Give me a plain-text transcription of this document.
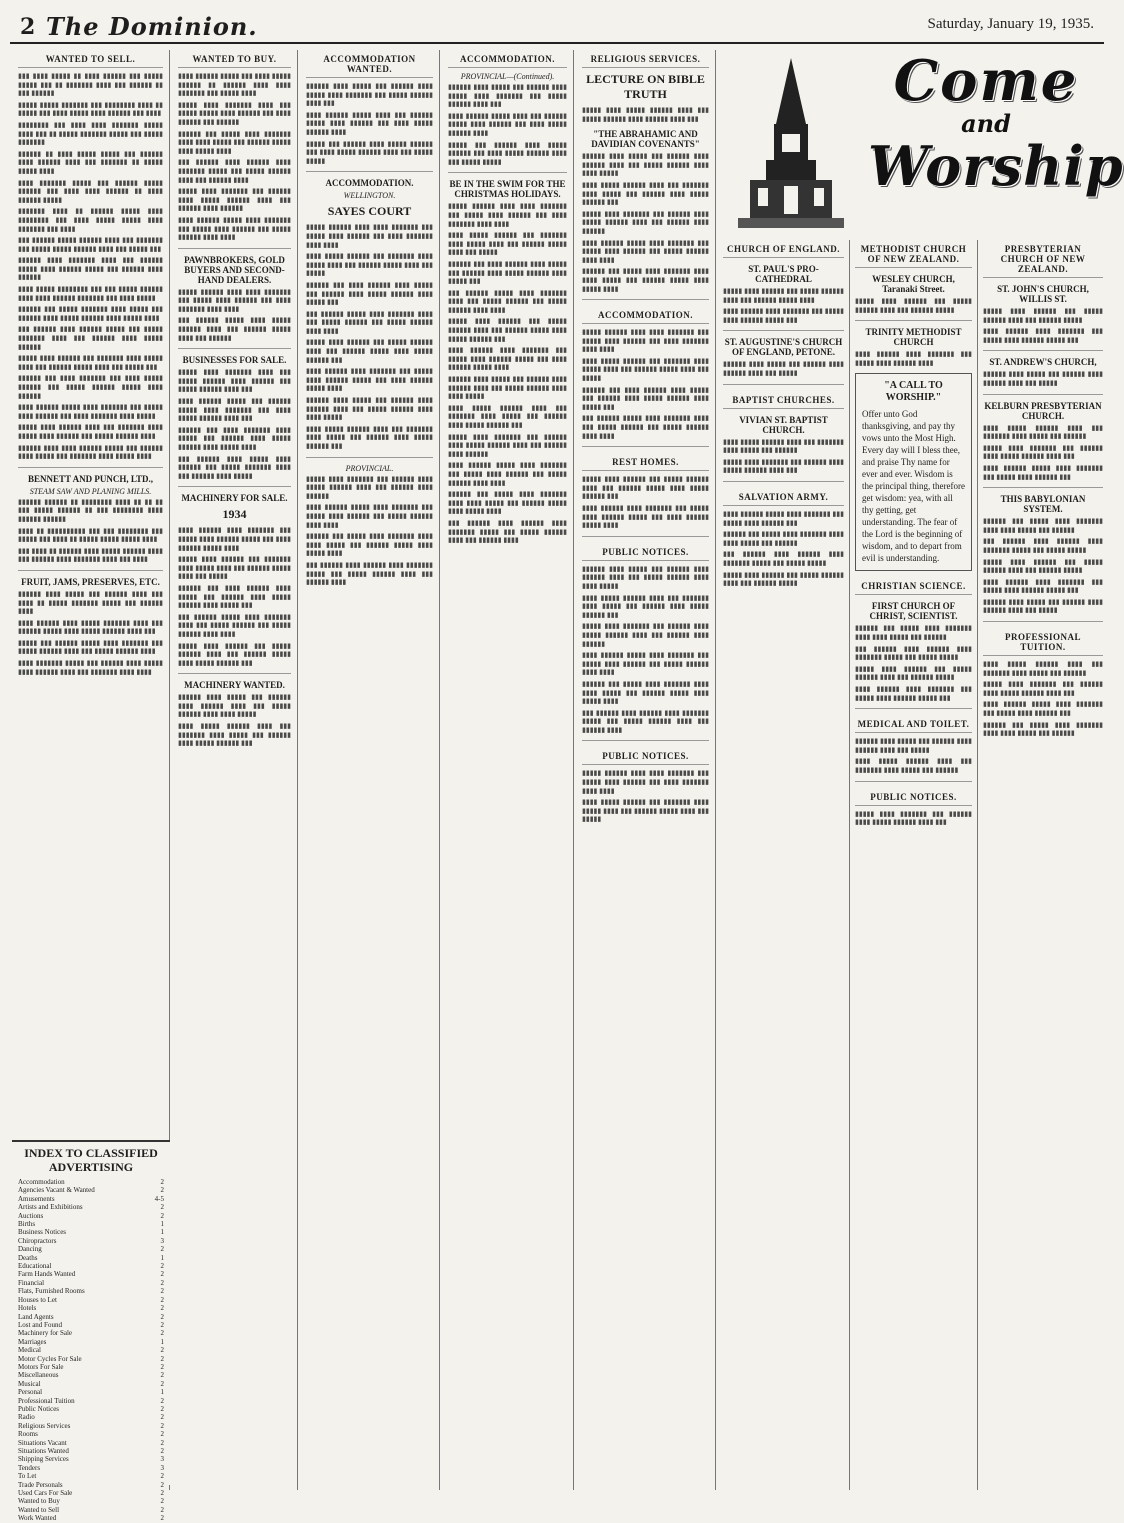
2 The Dominion.	Saturday, January 19, 1935.
WANTED TO SELL.

▮▮▮ ▮▮▮▮ ▮▮▮▮▮ ▮▮ ▮▮▮▮ ▮▮▮▮▮▮ ▮▮▮ ▮▮▮▮▮ ▮▮▮▮▮ ▮▮▮ ▮▮ ▮▮▮▮▮▮▮ ▮▮▮▮ ▮▮▮ ▮▮▮▮▮▮ ▮▮ ▮▮▮ ▮▮▮▮▮▮

▮▮▮▮▮ ▮▮▮▮▮ ▮▮▮▮▮▮▮ ▮▮▮ ▮▮▮▮▮▮▮▮ ▮▮▮▮ ▮▮ ▮▮▮▮▮ ▮▮▮ ▮▮▮▮ ▮▮▮▮▮ ▮▮▮▮ ▮▮▮▮▮▮ ▮▮▮ ▮▮▮▮

▮▮▮▮▮▮▮▮ ▮▮▮ ▮▮▮▮ ▮▮▮▮ ▮▮▮▮▮▮▮ ▮▮▮▮▮ ▮▮▮▮ ▮▮▮ ▮▮ ▮▮▮▮▮ ▮▮▮▮▮▮▮ ▮▮▮▮▮ ▮▮▮ ▮▮▮▮▮ ▮▮▮▮▮▮▮

▮▮▮▮▮▮ ▮▮ ▮▮▮▮ ▮▮▮▮▮ ▮▮▮▮▮ ▮▮▮ ▮▮▮▮▮▮ ▮▮▮▮ ▮▮▮▮▮▮ ▮▮▮▮ ▮▮▮ ▮▮▮▮▮▮▮ ▮▮ ▮▮▮▮▮ ▮▮▮▮▮ ▮▮▮▮

▮▮▮▮ ▮▮▮▮▮▮▮ ▮▮▮▮▮ ▮▮▮ ▮▮▮▮▮▮ ▮▮▮▮▮ ▮▮▮▮▮▮ ▮▮▮ ▮▮▮▮ ▮▮▮▮ ▮▮▮▮▮▮ ▮▮ ▮▮▮▮ ▮▮▮▮▮▮ ▮▮▮▮▮

▮▮▮▮▮▮▮ ▮▮▮▮ ▮▮ ▮▮▮▮▮▮ ▮▮▮▮▮ ▮▮▮▮ ▮▮▮▮▮▮▮▮ ▮▮▮ ▮▮▮▮ ▮▮▮▮▮ ▮▮▮▮▮ ▮▮▮▮ ▮▮▮▮▮▮▮ ▮▮▮ ▮▮▮▮

▮▮▮ ▮▮▮▮▮▮ ▮▮▮▮▮ ▮▮▮▮▮▮ ▮▮▮▮ ▮▮▮ ▮▮▮▮▮▮▮ ▮▮▮ ▮▮▮▮▮ ▮▮▮▮▮ ▮▮▮▮▮▮ ▮▮▮▮ ▮▮▮ ▮▮▮▮▮ ▮▮▮

▮▮▮▮▮▮ ▮▮▮▮ ▮▮▮▮▮▮▮ ▮▮▮▮ ▮▮▮ ▮▮▮▮▮▮ ▮▮▮▮▮ ▮▮▮▮ ▮▮▮▮▮▮ ▮▮▮▮▮ ▮▮▮ ▮▮▮▮▮▮ ▮▮▮▮ ▮▮▮▮▮▮

▮▮▮▮ ▮▮▮▮▮ ▮▮▮▮▮▮▮▮ ▮▮▮ ▮▮▮ ▮▮▮▮▮ ▮▮▮▮▮▮ ▮▮▮▮ ▮▮▮▮ ▮▮▮▮▮▮ ▮▮▮▮▮▮▮ ▮▮▮ ▮▮▮▮ ▮▮▮▮▮

▮▮▮▮▮▮ ▮▮▮ ▮▮▮▮▮ ▮▮▮▮▮▮▮ ▮▮▮▮ ▮▮▮▮▮ ▮▮▮ ▮▮▮▮▮▮ ▮▮▮▮ ▮▮▮▮▮ ▮▮▮▮▮▮ ▮▮▮▮ ▮▮▮▮▮ ▮▮▮▮

▮▮▮ ▮▮▮▮▮▮ ▮▮▮▮ ▮▮▮▮▮▮ ▮▮▮▮▮ ▮▮▮ ▮▮▮▮▮ ▮▮▮▮▮▮▮ ▮▮▮▮ ▮▮▮ ▮▮▮▮▮▮ ▮▮▮▮ ▮▮▮▮▮ ▮▮▮▮▮▮

▮▮▮▮▮ ▮▮▮▮ ▮▮▮▮▮▮ ▮▮▮ ▮▮▮▮▮▮▮ ▮▮▮▮ ▮▮▮▮▮ ▮▮▮▮ ▮▮▮ ▮▮▮▮▮▮ ▮▮▮▮▮ ▮▮▮▮ ▮▮▮ ▮▮▮▮▮ ▮▮▮

▮▮▮▮▮▮ ▮▮▮ ▮▮▮▮ ▮▮▮▮▮▮▮ ▮▮▮ ▮▮▮▮ ▮▮▮▮▮ ▮▮▮▮▮▮ ▮▮▮ ▮▮▮▮▮ ▮▮▮▮▮▮ ▮▮▮▮▮ ▮▮▮▮ ▮▮▮▮▮▮

▮▮▮▮ ▮▮▮▮▮▮ ▮▮▮▮▮ ▮▮▮▮ ▮▮▮▮▮▮▮ ▮▮▮ ▮▮▮▮▮ ▮▮▮▮ ▮▮▮▮▮▮ ▮▮▮ ▮▮▮▮ ▮▮▮▮▮▮▮ ▮▮▮▮ ▮▮▮▮▮

▮▮▮▮▮ ▮▮▮▮ ▮▮▮▮▮▮ ▮▮▮▮ ▮▮▮ ▮▮▮▮▮▮▮ ▮▮▮▮ ▮▮▮▮▮ ▮▮▮▮ ▮▮▮▮▮▮ ▮▮▮ ▮▮▮▮▮ ▮▮▮▮▮▮ ▮▮▮▮

▮▮▮▮▮▮ ▮▮▮▮ ▮▮▮▮ ▮▮▮▮▮▮ ▮▮▮▮▮ ▮▮▮ ▮▮▮▮▮▮ ▮▮▮▮ ▮▮▮▮▮ ▮▮▮ ▮▮▮▮▮▮▮ ▮▮▮▮ ▮▮▮▮▮ ▮▮▮▮

BENNETT AND PUNCH, LTD.,
STEAM SAW AND PLANING MILLS.

▮▮▮▮▮▮ ▮▮▮▮▮▮ ▮▮ ▮▮▮▮▮▮▮▮ ▮▮▮▮ ▮▮ ▮▮ ▮▮ ▮▮▮ ▮▮▮▮▮ ▮▮▮▮▮▮ ▮▮ ▮▮▮ ▮▮▮▮▮▮▮▮ ▮▮▮▮ ▮▮▮▮▮▮ ▮▮▮▮▮▮

▮▮▮▮ ▮▮ ▮▮▮▮▮▮▮▮▮▮ ▮▮▮ ▮▮▮ ▮▮▮▮▮▮▮▮ ▮▮▮ ▮▮▮▮▮ ▮▮▮ ▮▮▮▮ ▮▮ ▮▮▮▮▮ ▮▮▮▮▮ ▮▮▮▮▮ ▮▮▮▮

▮▮▮ ▮▮▮▮ ▮▮ ▮▮▮▮▮▮ ▮▮▮▮ ▮▮▮▮▮ ▮▮▮▮▮▮ ▮▮▮▮ ▮▮▮ ▮▮▮▮▮▮ ▮▮▮▮ ▮▮▮▮▮▮▮ ▮▮▮▮ ▮▮▮ ▮▮▮▮

FRUIT, JAMS, PRESERVES, ETC.

▮▮▮▮▮▮ ▮▮▮▮ ▮▮▮▮▮ ▮▮▮ ▮▮▮▮▮▮ ▮▮▮▮ ▮▮▮ ▮▮▮▮ ▮▮ ▮▮▮▮▮ ▮▮▮▮▮▮▮ ▮▮▮▮▮ ▮▮▮ ▮▮▮▮▮▮ ▮▮▮▮

▮▮▮▮ ▮▮▮▮▮▮ ▮▮▮▮ ▮▮▮▮▮ ▮▮▮▮▮▮▮ ▮▮▮▮ ▮▮▮ ▮▮▮▮▮▮ ▮▮▮▮▮ ▮▮▮▮ ▮▮▮▮▮ ▮▮▮▮▮▮ ▮▮▮▮ ▮▮▮

▮▮▮▮▮ ▮▮▮ ▮▮▮▮▮▮ ▮▮▮▮▮ ▮▮▮▮ ▮▮▮▮▮▮▮ ▮▮▮ ▮▮▮▮▮ ▮▮▮▮▮▮ ▮▮▮▮ ▮▮▮ ▮▮▮▮▮ ▮▮▮▮▮▮ ▮▮▮▮

▮▮▮▮ ▮▮▮▮▮▮▮ ▮▮▮▮▮ ▮▮▮ ▮▮▮▮▮▮ ▮▮▮▮ ▮▮▮▮▮ ▮▮▮▮ ▮▮▮▮▮▮ ▮▮▮▮ ▮▮▮ ▮▮▮▮▮▮▮ ▮▮▮▮ ▮▮▮▮

INDEX TO CLASSIFIED ADVERTISING
Accommodation	2
Agencies Vacant & Wanted	2
Amusements	4-5
Artists and Exhibitions	2
Auctions	2
Births	1
Business Notices	1
Chiropractors	3
Dancing	2
Deaths	1
Educational	2
Farm Hands Wanted	2
Financial	2
Flats, Furnished Rooms	2
Houses to Let	2
Hotels	2
Land Agents	2
Lost and Found	2
Machinery for Sale	2
Marriages	1
Medical	2
Motor Cycles For Sale	2
Motors For Sale	2
Miscellaneous	2
Musical	2
Personal	1
Professional Tuition	2
Public Notices	2
Radio	2
Religious Services	2
Rooms	2
Situations Vacant	2
Situations Wanted	2
Shipping Services	3
Tenders	3
To Let	2
Trade Personals	2
Used Cars For Sale	2
Wanted to Buy	2
Wanted to Sell	2
Work Wanted	2
WANTED TO BUY.

▮▮▮▮ ▮▮▮▮▮▮ ▮▮▮▮▮ ▮▮▮ ▮▮▮▮ ▮▮▮▮▮ ▮▮▮▮▮▮ ▮▮ ▮▮▮▮▮▮ ▮▮▮▮ ▮▮▮▮ ▮▮▮▮▮▮▮ ▮▮▮ ▮▮▮▮▮ ▮▮▮▮

▮▮▮▮▮ ▮▮▮▮ ▮▮▮▮▮▮▮ ▮▮▮▮ ▮▮▮ ▮▮▮▮▮ ▮▮▮▮▮ ▮▮▮▮ ▮▮▮▮▮▮ ▮▮▮ ▮▮▮▮ ▮▮▮▮▮▮ ▮▮▮ ▮▮▮▮▮▮

▮▮▮▮▮▮ ▮▮▮ ▮▮▮▮▮ ▮▮▮▮ ▮▮▮▮▮▮▮ ▮▮▮▮ ▮▮▮▮ ▮▮▮▮▮ ▮▮▮ ▮▮▮▮▮▮ ▮▮▮▮▮ ▮▮▮▮ ▮▮▮▮▮ ▮▮▮▮

▮▮▮ ▮▮▮▮▮▮ ▮▮▮▮ ▮▮▮▮▮▮ ▮▮▮▮ ▮▮▮▮▮▮▮ ▮▮▮▮▮ ▮▮▮ ▮▮▮▮▮ ▮▮▮▮▮▮ ▮▮▮▮ ▮▮▮ ▮▮▮▮▮▮ ▮▮▮▮

▮▮▮▮▮ ▮▮▮▮ ▮▮▮▮▮▮▮ ▮▮▮ ▮▮▮▮▮▮ ▮▮▮▮ ▮▮▮▮▮ ▮▮▮▮▮▮ ▮▮▮▮ ▮▮▮ ▮▮▮▮▮▮ ▮▮▮▮ ▮▮▮▮▮▮

▮▮▮▮ ▮▮▮▮▮▮ ▮▮▮▮▮ ▮▮▮▮ ▮▮▮▮▮▮▮ ▮▮▮ ▮▮▮▮▮ ▮▮▮▮ ▮▮▮▮▮▮ ▮▮▮ ▮▮▮▮▮ ▮▮▮▮▮▮ ▮▮▮▮ ▮▮▮▮

PAWNBROKERS, GOLD BUYERS AND SECOND-HAND DEALERS.

▮▮▮▮▮ ▮▮▮▮▮▮ ▮▮▮▮ ▮▮▮▮ ▮▮▮▮▮▮▮ ▮▮▮ ▮▮▮▮▮ ▮▮▮▮ ▮▮▮▮▮▮ ▮▮▮ ▮▮▮▮ ▮▮▮▮▮▮▮ ▮▮▮▮ ▮▮▮▮

▮▮▮ ▮▮▮▮▮▮ ▮▮▮▮▮ ▮▮▮▮ ▮▮▮▮▮ ▮▮▮▮▮▮ ▮▮▮▮ ▮▮▮ ▮▮▮▮▮▮ ▮▮▮▮▮ ▮▮▮▮ ▮▮▮ ▮▮▮▮▮▮

BUSINESSES FOR SALE.

▮▮▮▮▮ ▮▮▮▮ ▮▮▮▮▮▮▮ ▮▮▮▮ ▮▮▮ ▮▮▮▮▮ ▮▮▮▮▮▮ ▮▮▮▮ ▮▮▮▮▮▮ ▮▮▮ ▮▮▮▮▮ ▮▮▮▮▮▮ ▮▮▮▮ ▮▮▮

▮▮▮▮ ▮▮▮▮▮▮ ▮▮▮▮▮ ▮▮▮ ▮▮▮▮▮▮ ▮▮▮▮▮ ▮▮▮▮ ▮▮▮▮▮▮▮ ▮▮▮ ▮▮▮▮ ▮▮▮▮▮ ▮▮▮▮▮▮ ▮▮▮▮ ▮▮▮

▮▮▮▮▮▮ ▮▮▮ ▮▮▮▮ ▮▮▮▮▮▮▮ ▮▮▮▮ ▮▮▮▮▮ ▮▮▮ ▮▮▮▮▮▮ ▮▮▮▮ ▮▮▮▮▮ ▮▮▮▮▮▮ ▮▮▮▮ ▮▮▮▮▮ ▮▮▮▮

▮▮▮ ▮▮▮▮▮▮ ▮▮▮▮ ▮▮▮▮▮ ▮▮▮▮ ▮▮▮▮▮▮ ▮▮▮ ▮▮▮▮▮ ▮▮▮▮▮▮▮ ▮▮▮▮ ▮▮▮ ▮▮▮▮▮▮ ▮▮▮▮ ▮▮▮▮▮

MACHINERY FOR SALE.
1934

▮▮▮▮ ▮▮▮▮▮▮ ▮▮▮▮ ▮▮▮▮▮▮▮ ▮▮▮ ▮▮▮▮▮ ▮▮▮▮ ▮▮▮▮▮▮ ▮▮▮▮▮ ▮▮▮ ▮▮▮▮ ▮▮▮▮▮▮ ▮▮▮▮▮ ▮▮▮▮

▮▮▮▮▮ ▮▮▮▮ ▮▮▮▮▮▮ ▮▮▮ ▮▮▮▮▮▮▮ ▮▮▮▮ ▮▮▮▮▮ ▮▮▮▮ ▮▮▮ ▮▮▮▮▮▮ ▮▮▮▮▮ ▮▮▮▮ ▮▮▮ ▮▮▮▮▮

▮▮▮▮▮▮ ▮▮▮ ▮▮▮▮ ▮▮▮▮▮▮ ▮▮▮▮ ▮▮▮▮▮ ▮▮▮ ▮▮▮▮▮▮ ▮▮▮▮ ▮▮▮▮▮ ▮▮▮▮▮▮ ▮▮▮▮ ▮▮▮▮▮ ▮▮▮

▮▮▮ ▮▮▮▮▮▮ ▮▮▮▮▮ ▮▮▮▮ ▮▮▮▮▮▮▮ ▮▮▮▮ ▮▮▮ ▮▮▮▮▮ ▮▮▮▮▮▮ ▮▮▮ ▮▮▮▮▮ ▮▮▮▮▮▮ ▮▮▮▮ ▮▮▮▮

▮▮▮▮▮ ▮▮▮▮ ▮▮▮▮▮▮ ▮▮▮ ▮▮▮▮▮ ▮▮▮▮▮▮ ▮▮▮▮ ▮▮▮ ▮▮▮▮▮▮ ▮▮▮▮▮ ▮▮▮▮ ▮▮▮▮▮ ▮▮▮▮▮▮ ▮▮▮

MACHINERY WANTED.

▮▮▮▮▮▮ ▮▮▮▮ ▮▮▮▮▮ ▮▮▮ ▮▮▮▮▮▮ ▮▮▮▮ ▮▮▮▮▮▮ ▮▮▮▮ ▮▮▮ ▮▮▮▮▮ ▮▮▮▮▮▮ ▮▮▮▮ ▮▮▮▮ ▮▮▮▮▮

▮▮▮▮ ▮▮▮▮▮ ▮▮▮▮▮▮ ▮▮▮▮ ▮▮▮ ▮▮▮▮▮▮▮ ▮▮▮▮ ▮▮▮▮▮ ▮▮▮ ▮▮▮▮▮▮ ▮▮▮▮ ▮▮▮▮▮ ▮▮▮▮▮▮ ▮▮▮

ACCOMMODATION WANTED.

▮▮▮▮▮▮ ▮▮▮▮ ▮▮▮▮▮ ▮▮▮ ▮▮▮▮▮▮ ▮▮▮▮ ▮▮▮▮▮ ▮▮▮▮ ▮▮▮▮▮▮▮ ▮▮▮ ▮▮▮▮▮ ▮▮▮▮▮▮ ▮▮▮▮ ▮▮▮

▮▮▮▮ ▮▮▮▮▮▮ ▮▮▮▮▮ ▮▮▮▮ ▮▮▮ ▮▮▮▮▮▮ ▮▮▮▮▮ ▮▮▮▮ ▮▮▮▮▮▮ ▮▮▮ ▮▮▮▮ ▮▮▮▮▮ ▮▮▮▮▮▮ ▮▮▮▮

▮▮▮▮▮ ▮▮▮ ▮▮▮▮▮▮ ▮▮▮▮ ▮▮▮▮▮ ▮▮▮▮▮▮ ▮▮▮ ▮▮▮▮ ▮▮▮▮▮ ▮▮▮▮▮▮ ▮▮▮▮ ▮▮▮ ▮▮▮▮▮ ▮▮▮▮▮

ACCOMMODATION.
WELLINGTON.
SAYES COURT

▮▮▮▮▮ ▮▮▮▮▮▮ ▮▮▮▮ ▮▮▮▮ ▮▮▮▮▮▮▮ ▮▮▮ ▮▮▮▮▮ ▮▮▮▮ ▮▮▮▮▮▮ ▮▮▮ ▮▮▮▮ ▮▮▮▮▮▮▮ ▮▮▮▮ ▮▮▮▮

▮▮▮▮ ▮▮▮▮▮ ▮▮▮▮▮▮ ▮▮▮ ▮▮▮▮▮▮▮ ▮▮▮▮ ▮▮▮▮▮ ▮▮▮▮ ▮▮▮ ▮▮▮▮▮▮ ▮▮▮▮▮ ▮▮▮▮ ▮▮▮ ▮▮▮▮▮

▮▮▮▮▮▮ ▮▮▮ ▮▮▮▮ ▮▮▮▮▮▮ ▮▮▮▮ ▮▮▮▮▮ ▮▮▮ ▮▮▮▮▮▮ ▮▮▮▮ ▮▮▮▮▮ ▮▮▮▮▮▮ ▮▮▮▮ ▮▮▮▮▮ ▮▮▮

▮▮▮ ▮▮▮▮▮▮ ▮▮▮▮▮ ▮▮▮▮ ▮▮▮▮▮▮▮ ▮▮▮▮ ▮▮▮ ▮▮▮▮▮ ▮▮▮▮▮▮ ▮▮▮ ▮▮▮▮▮ ▮▮▮▮▮▮ ▮▮▮▮ ▮▮▮▮

▮▮▮▮▮ ▮▮▮▮ ▮▮▮▮▮▮ ▮▮▮ ▮▮▮▮▮ ▮▮▮▮▮▮ ▮▮▮▮ ▮▮▮ ▮▮▮▮▮▮ ▮▮▮▮▮ ▮▮▮▮ ▮▮▮▮▮ ▮▮▮▮▮▮ ▮▮▮

▮▮▮▮ ▮▮▮▮▮▮ ▮▮▮▮ ▮▮▮▮▮▮▮ ▮▮▮ ▮▮▮▮▮ ▮▮▮▮ ▮▮▮▮▮▮ ▮▮▮▮▮ ▮▮▮ ▮▮▮▮ ▮▮▮▮▮▮ ▮▮▮▮▮ ▮▮▮▮

▮▮▮▮▮▮ ▮▮▮▮ ▮▮▮▮▮ ▮▮▮ ▮▮▮▮▮▮ ▮▮▮▮ ▮▮▮▮▮▮ ▮▮▮▮ ▮▮▮ ▮▮▮▮▮ ▮▮▮▮▮▮ ▮▮▮▮ ▮▮▮▮ ▮▮▮▮▮

▮▮▮▮ ▮▮▮▮▮ ▮▮▮▮▮▮ ▮▮▮▮ ▮▮▮ ▮▮▮▮▮▮▮ ▮▮▮▮ ▮▮▮▮▮ ▮▮▮ ▮▮▮▮▮▮ ▮▮▮▮ ▮▮▮▮▮ ▮▮▮▮▮▮ ▮▮▮

PROVINCIAL.

▮▮▮▮▮ ▮▮▮▮ ▮▮▮▮▮▮▮ ▮▮▮ ▮▮▮▮▮▮ ▮▮▮▮ ▮▮▮▮▮ ▮▮▮▮▮▮ ▮▮▮▮ ▮▮▮ ▮▮▮▮▮▮ ▮▮▮▮ ▮▮▮▮▮▮

▮▮▮▮ ▮▮▮▮▮▮ ▮▮▮▮▮ ▮▮▮▮ ▮▮▮▮▮▮▮ ▮▮▮ ▮▮▮▮▮ ▮▮▮▮ ▮▮▮▮▮▮ ▮▮▮ ▮▮▮▮▮ ▮▮▮▮▮▮ ▮▮▮▮ ▮▮▮▮

▮▮▮▮▮▮ ▮▮▮ ▮▮▮▮▮ ▮▮▮▮ ▮▮▮▮▮▮▮ ▮▮▮▮ ▮▮▮▮ ▮▮▮▮▮ ▮▮▮ ▮▮▮▮▮▮ ▮▮▮▮▮ ▮▮▮▮ ▮▮▮▮▮ ▮▮▮▮

▮▮▮ ▮▮▮▮▮▮ ▮▮▮▮ ▮▮▮▮▮▮ ▮▮▮▮ ▮▮▮▮▮▮▮ ▮▮▮▮▮ ▮▮▮ ▮▮▮▮▮ ▮▮▮▮▮▮ ▮▮▮▮ ▮▮▮ ▮▮▮▮▮▮ ▮▮▮▮

ACCOMMODATION.
PROVINCIAL—(Continued).

▮▮▮▮▮▮ ▮▮▮▮ ▮▮▮▮▮ ▮▮▮ ▮▮▮▮▮▮ ▮▮▮▮ ▮▮▮▮▮ ▮▮▮▮ ▮▮▮▮▮▮▮ ▮▮▮ ▮▮▮▮▮ ▮▮▮▮▮▮ ▮▮▮▮ ▮▮▮

▮▮▮▮ ▮▮▮▮▮▮ ▮▮▮▮▮ ▮▮▮▮ ▮▮▮ ▮▮▮▮▮▮ ▮▮▮▮▮ ▮▮▮▮ ▮▮▮▮▮▮ ▮▮▮ ▮▮▮▮ ▮▮▮▮▮ ▮▮▮▮▮▮ ▮▮▮▮

▮▮▮▮▮ ▮▮▮ ▮▮▮▮▮▮ ▮▮▮▮ ▮▮▮▮▮ ▮▮▮▮▮▮ ▮▮▮ ▮▮▮▮ ▮▮▮▮▮ ▮▮▮▮▮▮ ▮▮▮▮ ▮▮▮ ▮▮▮▮▮ ▮▮▮▮▮

BE IN THE SWIM FOR THE CHRISTMAS HOLIDAYS.

▮▮▮▮▮ ▮▮▮▮▮▮ ▮▮▮▮ ▮▮▮▮ ▮▮▮▮▮▮▮ ▮▮▮ ▮▮▮▮▮ ▮▮▮▮ ▮▮▮▮▮▮ ▮▮▮ ▮▮▮▮ ▮▮▮▮▮▮▮ ▮▮▮▮ ▮▮▮▮

▮▮▮▮ ▮▮▮▮▮ ▮▮▮▮▮▮ ▮▮▮ ▮▮▮▮▮▮▮ ▮▮▮▮ ▮▮▮▮▮ ▮▮▮▮ ▮▮▮ ▮▮▮▮▮▮ ▮▮▮▮▮ ▮▮▮▮ ▮▮▮ ▮▮▮▮▮

▮▮▮▮▮▮ ▮▮▮ ▮▮▮▮ ▮▮▮▮▮▮ ▮▮▮▮ ▮▮▮▮▮ ▮▮▮ ▮▮▮▮▮▮ ▮▮▮▮ ▮▮▮▮▮ ▮▮▮▮▮▮ ▮▮▮▮ ▮▮▮▮▮ ▮▮▮

▮▮▮ ▮▮▮▮▮▮ ▮▮▮▮▮ ▮▮▮▮ ▮▮▮▮▮▮▮ ▮▮▮▮ ▮▮▮ ▮▮▮▮▮ ▮▮▮▮▮▮ ▮▮▮ ▮▮▮▮▮ ▮▮▮▮▮▮ ▮▮▮▮ ▮▮▮▮

▮▮▮▮▮ ▮▮▮▮ ▮▮▮▮▮▮ ▮▮▮ ▮▮▮▮▮ ▮▮▮▮▮▮ ▮▮▮▮ ▮▮▮ ▮▮▮▮▮▮ ▮▮▮▮▮ ▮▮▮▮ ▮▮▮▮▮ ▮▮▮▮▮▮ ▮▮▮

▮▮▮▮ ▮▮▮▮▮▮ ▮▮▮▮ ▮▮▮▮▮▮▮ ▮▮▮ ▮▮▮▮▮ ▮▮▮▮ ▮▮▮▮▮▮ ▮▮▮▮▮ ▮▮▮ ▮▮▮▮ ▮▮▮▮▮▮ ▮▮▮▮▮ ▮▮▮▮

▮▮▮▮▮▮ ▮▮▮▮ ▮▮▮▮▮ ▮▮▮ ▮▮▮▮▮▮ ▮▮▮▮ ▮▮▮▮▮▮ ▮▮▮▮ ▮▮▮ ▮▮▮▮▮ ▮▮▮▮▮▮ ▮▮▮▮ ▮▮▮▮ ▮▮▮▮▮

▮▮▮▮ ▮▮▮▮▮ ▮▮▮▮▮▮ ▮▮▮▮ ▮▮▮ ▮▮▮▮▮▮▮ ▮▮▮▮ ▮▮▮▮▮ ▮▮▮ ▮▮▮▮▮▮ ▮▮▮▮ ▮▮▮▮▮ ▮▮▮▮▮▮ ▮▮▮

▮▮▮▮▮ ▮▮▮▮ ▮▮▮▮▮▮▮ ▮▮▮ ▮▮▮▮▮▮ ▮▮▮▮ ▮▮▮▮▮ ▮▮▮▮▮▮ ▮▮▮▮ ▮▮▮ ▮▮▮▮▮▮ ▮▮▮▮ ▮▮▮▮▮▮

▮▮▮▮ ▮▮▮▮▮▮ ▮▮▮▮▮ ▮▮▮▮ ▮▮▮▮▮▮▮ ▮▮▮ ▮▮▮▮▮ ▮▮▮▮ ▮▮▮▮▮▮ ▮▮▮ ▮▮▮▮▮ ▮▮▮▮▮▮ ▮▮▮▮ ▮▮▮▮

▮▮▮▮▮▮ ▮▮▮ ▮▮▮▮▮ ▮▮▮▮ ▮▮▮▮▮▮▮ ▮▮▮▮ ▮▮▮▮ ▮▮▮▮▮ ▮▮▮ ▮▮▮▮▮▮ ▮▮▮▮▮ ▮▮▮▮ ▮▮▮▮▮ ▮▮▮▮

▮▮▮ ▮▮▮▮▮▮ ▮▮▮▮ ▮▮▮▮▮▮ ▮▮▮▮ ▮▮▮▮▮▮▮ ▮▮▮▮▮ ▮▮▮ ▮▮▮▮▮ ▮▮▮▮▮▮ ▮▮▮▮ ▮▮▮ ▮▮▮▮▮▮ ▮▮▮▮

RELIGIOUS SERVICES.
LECTURE ON BIBLE TRUTH

▮▮▮▮▮ ▮▮▮▮ ▮▮▮▮▮ ▮▮▮▮▮▮ ▮▮▮▮ ▮▮▮ ▮▮▮▮▮ ▮▮▮▮▮▮ ▮▮▮▮ ▮▮▮▮▮▮ ▮▮▮▮ ▮▮▮

"THE ABRAHAMIC AND DAVIDIAN COVENANTS"

▮▮▮▮▮▮ ▮▮▮▮ ▮▮▮▮▮ ▮▮▮ ▮▮▮▮▮▮ ▮▮▮▮ ▮▮▮▮▮▮ ▮▮▮▮ ▮▮▮ ▮▮▮▮▮ ▮▮▮▮▮▮ ▮▮▮▮ ▮▮▮▮ ▮▮▮▮▮

▮▮▮▮ ▮▮▮▮▮ ▮▮▮▮▮▮ ▮▮▮▮ ▮▮▮ ▮▮▮▮▮▮▮ ▮▮▮▮ ▮▮▮▮▮ ▮▮▮ ▮▮▮▮▮▮ ▮▮▮▮ ▮▮▮▮▮ ▮▮▮▮▮▮ ▮▮▮

▮▮▮▮▮ ▮▮▮▮ ▮▮▮▮▮▮▮ ▮▮▮ ▮▮▮▮▮▮ ▮▮▮▮ ▮▮▮▮▮ ▮▮▮▮▮▮ ▮▮▮▮ ▮▮▮ ▮▮▮▮▮▮ ▮▮▮▮ ▮▮▮▮▮▮

▮▮▮▮ ▮▮▮▮▮▮ ▮▮▮▮▮ ▮▮▮▮ ▮▮▮▮▮▮▮ ▮▮▮ ▮▮▮▮▮ ▮▮▮▮ ▮▮▮▮▮▮ ▮▮▮ ▮▮▮▮▮ ▮▮▮▮▮▮ ▮▮▮▮ ▮▮▮▮

▮▮▮▮▮▮ ▮▮▮ ▮▮▮▮▮ ▮▮▮▮ ▮▮▮▮▮▮▮ ▮▮▮▮ ▮▮▮▮ ▮▮▮▮▮ ▮▮▮ ▮▮▮▮▮▮ ▮▮▮▮▮ ▮▮▮▮ ▮▮▮▮▮ ▮▮▮▮

ACCOMMODATION.

▮▮▮▮▮ ▮▮▮▮▮▮ ▮▮▮▮ ▮▮▮▮ ▮▮▮▮▮▮▮ ▮▮▮ ▮▮▮▮▮ ▮▮▮▮ ▮▮▮▮▮▮ ▮▮▮ ▮▮▮▮ ▮▮▮▮▮▮▮ ▮▮▮▮ ▮▮▮▮

▮▮▮▮ ▮▮▮▮▮ ▮▮▮▮▮▮ ▮▮▮ ▮▮▮▮▮▮▮ ▮▮▮▮ ▮▮▮▮▮ ▮▮▮▮ ▮▮▮ ▮▮▮▮▮▮ ▮▮▮▮▮ ▮▮▮▮ ▮▮▮ ▮▮▮▮▮

▮▮▮▮▮▮ ▮▮▮ ▮▮▮▮ ▮▮▮▮▮▮ ▮▮▮▮ ▮▮▮▮▮ ▮▮▮ ▮▮▮▮▮▮ ▮▮▮▮ ▮▮▮▮▮ ▮▮▮▮▮▮ ▮▮▮▮ ▮▮▮▮▮ ▮▮▮

▮▮▮ ▮▮▮▮▮▮ ▮▮▮▮▮ ▮▮▮▮ ▮▮▮▮▮▮▮ ▮▮▮▮ ▮▮▮ ▮▮▮▮▮ ▮▮▮▮▮▮ ▮▮▮ ▮▮▮▮▮ ▮▮▮▮▮▮ ▮▮▮▮ ▮▮▮▮

REST HOMES.

▮▮▮▮▮ ▮▮▮▮ ▮▮▮▮▮▮ ▮▮▮ ▮▮▮▮▮ ▮▮▮▮▮▮ ▮▮▮▮ ▮▮▮ ▮▮▮▮▮▮ ▮▮▮▮▮ ▮▮▮▮ ▮▮▮▮▮ ▮▮▮▮▮▮ ▮▮▮

▮▮▮▮ ▮▮▮▮▮▮ ▮▮▮▮ ▮▮▮▮▮▮▮ ▮▮▮ ▮▮▮▮▮ ▮▮▮▮ ▮▮▮▮▮▮ ▮▮▮▮▮ ▮▮▮ ▮▮▮▮ ▮▮▮▮▮▮ ▮▮▮▮▮ ▮▮▮▮

PUBLIC NOTICES.

▮▮▮▮▮▮ ▮▮▮▮ ▮▮▮▮▮ ▮▮▮ ▮▮▮▮▮▮ ▮▮▮▮ ▮▮▮▮▮▮ ▮▮▮▮ ▮▮▮ ▮▮▮▮▮ ▮▮▮▮▮▮ ▮▮▮▮ ▮▮▮▮ ▮▮▮▮▮

▮▮▮▮ ▮▮▮▮▮ ▮▮▮▮▮▮ ▮▮▮▮ ▮▮▮ ▮▮▮▮▮▮▮ ▮▮▮▮ ▮▮▮▮▮ ▮▮▮ ▮▮▮▮▮▮ ▮▮▮▮ ▮▮▮▮▮ ▮▮▮▮▮▮ ▮▮▮

▮▮▮▮▮ ▮▮▮▮ ▮▮▮▮▮▮▮ ▮▮▮ ▮▮▮▮▮▮ ▮▮▮▮ ▮▮▮▮▮ ▮▮▮▮▮▮ ▮▮▮▮ ▮▮▮ ▮▮▮▮▮▮ ▮▮▮▮ ▮▮▮▮▮▮

▮▮▮▮ ▮▮▮▮▮▮ ▮▮▮▮▮ ▮▮▮▮ ▮▮▮▮▮▮▮ ▮▮▮ ▮▮▮▮▮ ▮▮▮▮ ▮▮▮▮▮▮ ▮▮▮ ▮▮▮▮▮ ▮▮▮▮▮▮ ▮▮▮▮ ▮▮▮▮

▮▮▮▮▮▮ ▮▮▮ ▮▮▮▮▮ ▮▮▮▮ ▮▮▮▮▮▮▮ ▮▮▮▮ ▮▮▮▮ ▮▮▮▮▮ ▮▮▮ ▮▮▮▮▮▮ ▮▮▮▮▮ ▮▮▮▮ ▮▮▮▮▮ ▮▮▮▮

▮▮▮ ▮▮▮▮▮▮ ▮▮▮▮ ▮▮▮▮▮▮ ▮▮▮▮ ▮▮▮▮▮▮▮ ▮▮▮▮▮ ▮▮▮ ▮▮▮▮▮ ▮▮▮▮▮▮ ▮▮▮▮ ▮▮▮ ▮▮▮▮▮▮ ▮▮▮▮

PUBLIC NOTICES.

▮▮▮▮▮ ▮▮▮▮▮▮ ▮▮▮▮ ▮▮▮▮ ▮▮▮▮▮▮▮ ▮▮▮ ▮▮▮▮▮ ▮▮▮▮ ▮▮▮▮▮▮ ▮▮▮ ▮▮▮▮ ▮▮▮▮▮▮▮ ▮▮▮▮ ▮▮▮▮

▮▮▮▮ ▮▮▮▮▮ ▮▮▮▮▮▮ ▮▮▮ ▮▮▮▮▮▮▮ ▮▮▮▮ ▮▮▮▮▮ ▮▮▮▮ ▮▮▮ ▮▮▮▮▮▮ ▮▮▮▮▮ ▮▮▮▮ ▮▮▮ ▮▮▮▮▮

Come
and
Worship
CHURCH OF ENGLAND.
ST. PAUL'S PRO-CATHEDRAL

▮▮▮▮▮ ▮▮▮▮ ▮▮▮▮▮▮ ▮▮▮ ▮▮▮▮▮ ▮▮▮▮▮▮ ▮▮▮▮ ▮▮▮ ▮▮▮▮▮▮ ▮▮▮▮▮ ▮▮▮▮

▮▮▮▮ ▮▮▮▮▮▮ ▮▮▮▮ ▮▮▮▮▮▮▮ ▮▮▮ ▮▮▮▮▮ ▮▮▮▮ ▮▮▮▮▮▮ ▮▮▮▮▮ ▮▮▮

ST. AUGUSTINE'S CHURCH OF ENGLAND, PETONE.

▮▮▮▮▮▮ ▮▮▮▮ ▮▮▮▮▮ ▮▮▮ ▮▮▮▮▮▮ ▮▮▮▮ ▮▮▮▮▮▮ ▮▮▮▮ ▮▮▮ ▮▮▮▮▮

BAPTIST CHURCHES.
VIVIAN ST. BAPTIST CHURCH.

▮▮▮▮ ▮▮▮▮▮ ▮▮▮▮▮▮ ▮▮▮▮ ▮▮▮ ▮▮▮▮▮▮▮ ▮▮▮▮ ▮▮▮▮▮ ▮▮▮ ▮▮▮▮▮▮

▮▮▮▮▮ ▮▮▮▮ ▮▮▮▮▮▮▮ ▮▮▮ ▮▮▮▮▮▮ ▮▮▮▮ ▮▮▮▮▮ ▮▮▮▮▮▮ ▮▮▮▮ ▮▮▮

SALVATION ARMY.

▮▮▮▮ ▮▮▮▮▮▮ ▮▮▮▮▮ ▮▮▮▮ ▮▮▮▮▮▮▮ ▮▮▮ ▮▮▮▮▮ ▮▮▮▮ ▮▮▮▮▮▮ ▮▮▮

▮▮▮▮▮▮ ▮▮▮ ▮▮▮▮▮ ▮▮▮▮ ▮▮▮▮▮▮▮ ▮▮▮▮ ▮▮▮▮ ▮▮▮▮▮ ▮▮▮ ▮▮▮▮▮▮

▮▮▮ ▮▮▮▮▮▮ ▮▮▮▮ ▮▮▮▮▮▮ ▮▮▮▮ ▮▮▮▮▮▮▮ ▮▮▮▮▮ ▮▮▮ ▮▮▮▮▮ ▮▮▮▮▮

▮▮▮▮▮ ▮▮▮▮ ▮▮▮▮▮▮ ▮▮▮ ▮▮▮▮▮ ▮▮▮▮▮▮ ▮▮▮▮ ▮▮▮ ▮▮▮▮▮▮ ▮▮▮▮▮

METHODIST CHURCH OF NEW ZEALAND.
WESLEY CHURCH, Taranaki Street.

▮▮▮▮▮ ▮▮▮▮ ▮▮▮▮▮▮ ▮▮▮ ▮▮▮▮▮ ▮▮▮▮▮▮ ▮▮▮▮ ▮▮▮ ▮▮▮▮▮▮ ▮▮▮▮▮

TRINITY METHODIST CHURCH

▮▮▮▮ ▮▮▮▮▮▮ ▮▮▮▮ ▮▮▮▮▮▮▮ ▮▮▮ ▮▮▮▮▮ ▮▮▮▮ ▮▮▮▮▮▮ ▮▮▮▮

"A CALL TO WORSHIP."
Offer unto God thanksgiving, and pay thy vows unto the Most High. Every day will I bless thee, and praise Thy name for ever and ever. Wisdom is the principal thing, therefore get wisdom: yea, with all thy getting, get understanding. The fear of the Lord is the beginning of wisdom, and to depart from evil is understanding.
CHRISTIAN SCIENCE.
FIRST CHURCH OF CHRIST, SCIENTIST.

▮▮▮▮▮▮ ▮▮▮ ▮▮▮▮▮ ▮▮▮▮ ▮▮▮▮▮▮▮ ▮▮▮▮ ▮▮▮▮ ▮▮▮▮▮ ▮▮▮ ▮▮▮▮▮▮

▮▮▮ ▮▮▮▮▮▮ ▮▮▮▮ ▮▮▮▮▮▮ ▮▮▮▮ ▮▮▮▮▮▮▮ ▮▮▮▮▮ ▮▮▮ ▮▮▮▮▮ ▮▮▮▮▮

▮▮▮▮▮ ▮▮▮▮ ▮▮▮▮▮▮ ▮▮▮ ▮▮▮▮▮ ▮▮▮▮▮▮ ▮▮▮▮ ▮▮▮ ▮▮▮▮▮▮ ▮▮▮▮▮

▮▮▮▮ ▮▮▮▮▮▮ ▮▮▮▮ ▮▮▮▮▮▮▮ ▮▮▮ ▮▮▮▮▮ ▮▮▮▮ ▮▮▮▮▮▮ ▮▮▮▮▮ ▮▮▮

MEDICAL AND TOILET.

▮▮▮▮▮▮ ▮▮▮▮ ▮▮▮▮▮ ▮▮▮ ▮▮▮▮▮▮ ▮▮▮▮ ▮▮▮▮▮▮ ▮▮▮▮ ▮▮▮ ▮▮▮▮▮

▮▮▮▮ ▮▮▮▮▮ ▮▮▮▮▮▮ ▮▮▮▮ ▮▮▮ ▮▮▮▮▮▮▮ ▮▮▮▮ ▮▮▮▮▮ ▮▮▮ ▮▮▮▮▮▮

PUBLIC NOTICES.

▮▮▮▮▮ ▮▮▮▮ ▮▮▮▮▮▮▮ ▮▮▮ ▮▮▮▮▮▮ ▮▮▮▮ ▮▮▮▮▮ ▮▮▮▮▮▮ ▮▮▮▮ ▮▮▮

PRESBYTERIAN CHURCH OF NEW ZEALAND.
ST. JOHN'S CHURCH, WILLIS ST.

▮▮▮▮▮ ▮▮▮▮ ▮▮▮▮▮▮ ▮▮▮ ▮▮▮▮▮ ▮▮▮▮▮▮ ▮▮▮▮ ▮▮▮ ▮▮▮▮▮▮ ▮▮▮▮▮

▮▮▮▮ ▮▮▮▮▮▮ ▮▮▮▮ ▮▮▮▮▮▮▮ ▮▮▮ ▮▮▮▮▮ ▮▮▮▮ ▮▮▮▮▮▮ ▮▮▮▮▮ ▮▮▮

ST. ANDREW'S CHURCH,

▮▮▮▮▮▮ ▮▮▮▮ ▮▮▮▮▮ ▮▮▮ ▮▮▮▮▮▮ ▮▮▮▮ ▮▮▮▮▮▮ ▮▮▮▮ ▮▮▮ ▮▮▮▮▮

KELBURN PRESBYTERIAN CHURCH.

▮▮▮▮ ▮▮▮▮▮ ▮▮▮▮▮▮ ▮▮▮▮ ▮▮▮ ▮▮▮▮▮▮▮ ▮▮▮▮ ▮▮▮▮▮ ▮▮▮ ▮▮▮▮▮▮

▮▮▮▮▮ ▮▮▮▮ ▮▮▮▮▮▮▮ ▮▮▮ ▮▮▮▮▮▮ ▮▮▮▮ ▮▮▮▮▮ ▮▮▮▮▮▮ ▮▮▮▮ ▮▮▮

▮▮▮▮ ▮▮▮▮▮▮ ▮▮▮▮▮ ▮▮▮▮ ▮▮▮▮▮▮▮ ▮▮▮ ▮▮▮▮▮ ▮▮▮▮ ▮▮▮▮▮▮ ▮▮▮

THIS BABYLONIAN SYSTEM.

▮▮▮▮▮▮ ▮▮▮ ▮▮▮▮▮ ▮▮▮▮ ▮▮▮▮▮▮▮ ▮▮▮▮ ▮▮▮▮ ▮▮▮▮▮ ▮▮▮ ▮▮▮▮▮▮

▮▮▮ ▮▮▮▮▮▮ ▮▮▮▮ ▮▮▮▮▮▮ ▮▮▮▮ ▮▮▮▮▮▮▮ ▮▮▮▮▮ ▮▮▮ ▮▮▮▮▮ ▮▮▮▮▮

▮▮▮▮▮ ▮▮▮▮ ▮▮▮▮▮▮ ▮▮▮ ▮▮▮▮▮ ▮▮▮▮▮▮ ▮▮▮▮ ▮▮▮ ▮▮▮▮▮▮ ▮▮▮▮▮

▮▮▮▮ ▮▮▮▮▮▮ ▮▮▮▮ ▮▮▮▮▮▮▮ ▮▮▮ ▮▮▮▮▮ ▮▮▮▮ ▮▮▮▮▮▮ ▮▮▮▮▮ ▮▮▮

▮▮▮▮▮▮ ▮▮▮▮ ▮▮▮▮▮ ▮▮▮ ▮▮▮▮▮▮ ▮▮▮▮ ▮▮▮▮▮▮ ▮▮▮▮ ▮▮▮ ▮▮▮▮▮

PROFESSIONAL TUITION.

▮▮▮▮ ▮▮▮▮▮ ▮▮▮▮▮▮ ▮▮▮▮ ▮▮▮ ▮▮▮▮▮▮▮ ▮▮▮▮ ▮▮▮▮▮ ▮▮▮ ▮▮▮▮▮▮

▮▮▮▮▮ ▮▮▮▮ ▮▮▮▮▮▮▮ ▮▮▮ ▮▮▮▮▮▮ ▮▮▮▮ ▮▮▮▮▮ ▮▮▮▮▮▮ ▮▮▮▮ ▮▮▮

▮▮▮▮ ▮▮▮▮▮▮ ▮▮▮▮▮ ▮▮▮▮ ▮▮▮▮▮▮▮ ▮▮▮ ▮▮▮▮▮ ▮▮▮▮ ▮▮▮▮▮▮ ▮▮▮

▮▮▮▮▮▮ ▮▮▮ ▮▮▮▮▮ ▮▮▮▮ ▮▮▮▮▮▮▮ ▮▮▮▮ ▮▮▮▮ ▮▮▮▮▮ ▮▮▮ ▮▮▮▮▮▮
